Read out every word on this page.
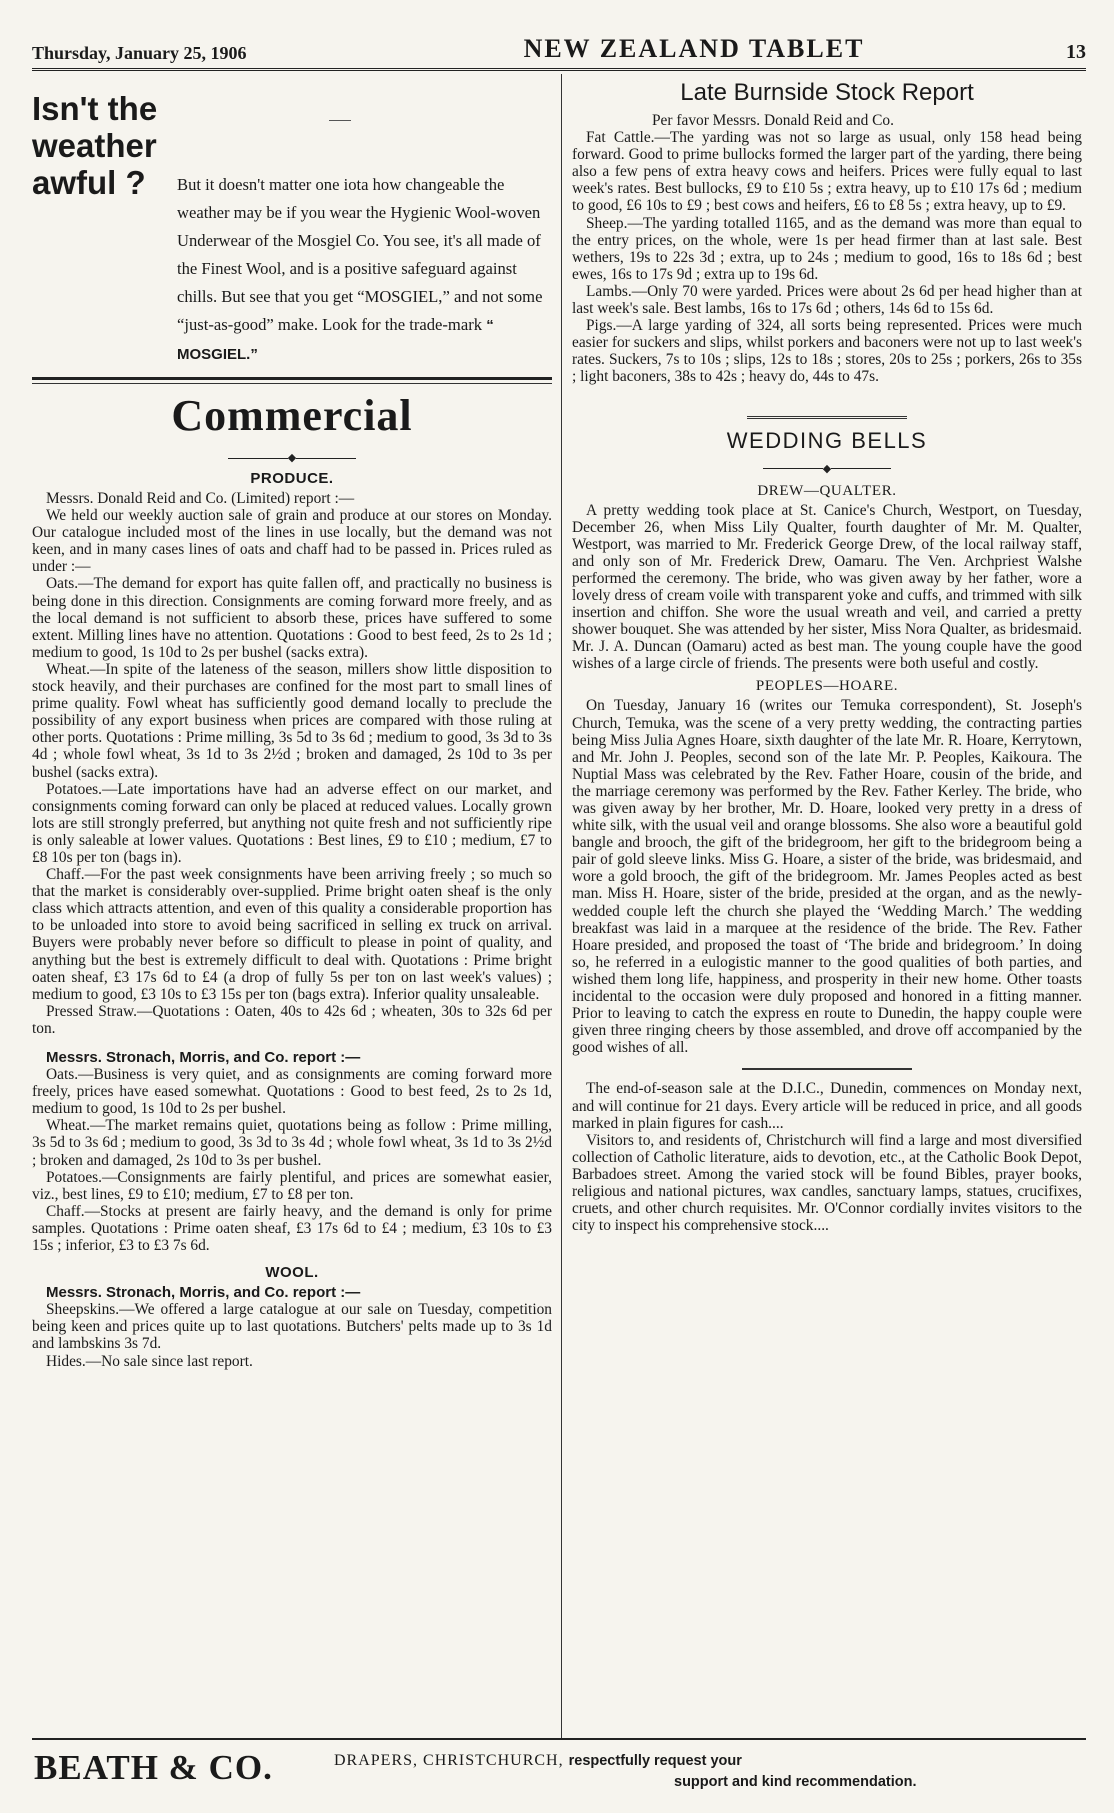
Thursday, January 25, 1906	NEW ZEALAND TABLET	13
Isn't the
weather
awful ?	But it doesn't matter one iota how changeable the weather may be if you wear the Hygienic Wool-woven Underwear of the Mosgiel Co. You see, it's all made of the Finest Wool, and is a positive safeguard against chills. But see that you get “MOSGIEL,” and not some “just-as-good” make. Look for the trade-mark “ MOSGIEL.”

Commercial
◆
PRODUCE.

Messrs. Donald Reid and Co. (Limited) report :—

We held our weekly auction sale of grain and produce at our stores on Monday. Our catalogue included most of the lines in use locally, but the demand was not keen, and in many cases lines of oats and chaff had to be passed in. Prices ruled as under :—

Oats.—The demand for export has quite fallen off, and practically no business is being done in this direction. Consignments are coming forward more freely, and as the local demand is not sufficient to absorb these, prices have suffered to some extent. Milling lines have no attention. Quotations : Good to best feed, 2s to 2s 1d ; medium to good, 1s 10d to 2s per bushel (sacks extra).

Wheat.—In spite of the lateness of the season, millers show little disposition to stock heavily, and their purchases are confined for the most part to small lines of prime quality. Fowl wheat has sufficiently good demand locally to preclude the possibility of any export business when prices are compared with those ruling at other ports. Quotations : Prime milling, 3s 5d to 3s 6d ; medium to good, 3s 3d to 3s 4d ; whole fowl wheat, 3s 1d to 3s 2½d ; broken and damaged, 2s 10d to 3s per bushel (sacks extra).

Potatoes.—Late importations have had an adverse effect on our market, and consignments coming forward can only be placed at reduced values. Locally grown lots are still strongly preferred, but anything not quite fresh and not sufficiently ripe is only saleable at lower values. Quotations : Best lines, £9 to £10 ; medium, £7 to £8 10s per ton (bags in).

Chaff.—For the past week consignments have been arriving freely ; so much so that the market is considerably over-supplied. Prime bright oaten sheaf is the only class which attracts attention, and even of this quality a considerable proportion has to be unloaded into store to avoid being sacrificed in selling ex truck on arrival. Buyers were probably never before so difficult to please in point of quality, and anything but the best is extremely difficult to deal with. Quotations : Prime bright oaten sheaf, £3 17s 6d to £4 (a drop of fully 5s per ton on last week's values) ; medium to good, £3 10s to £3 15s per ton (bags extra). Inferior quality unsaleable.

Pressed Straw.—Quotations : Oaten, 40s to 42s 6d ; wheaten, 30s to 32s 6d per ton.

Messrs. Stronach, Morris, and Co. report :—

Oats.—Business is very quiet, and as consignments are coming forward more freely, prices have eased somewhat. Quotations : Good to best feed, 2s to 2s 1d, medium to good, 1s 10d to 2s per bushel.

Wheat.—The market remains quiet, quotations being as follow : Prime milling, 3s 5d to 3s 6d ; medium to good, 3s 3d to 3s 4d ; whole fowl wheat, 3s 1d to 3s 2½d ; broken and damaged, 2s 10d to 3s per bushel.

Potatoes.—Consignments are fairly plentiful, and prices are somewhat easier, viz., best lines, £9 to £10; medium, £7 to £8 per ton.

Chaff.—Stocks at present are fairly heavy, and the demand is only for prime samples. Quotations : Prime oaten sheaf, £3 17s 6d to £4 ; medium, £3 10s to £3 15s ; inferior, £3 to £3 7s 6d.

WOOL.

Messrs. Stronach, Morris, and Co. report :—

Sheepskins.—We offered a large catalogue at our sale on Tuesday, competition being keen and prices quite up to last quotations. Butchers' pelts made up to 3s 1d and lambskins 3s 7d.

Hides.—No sale since last report.

Late Burnside Stock Report

Per favor Messrs. Donald Reid and Co.

Fat Cattle.—The yarding was not so large as usual, only 158 head being forward. Good to prime bullocks formed the larger part of the yarding, there being also a few pens of extra heavy cows and heifers. Prices were fully equal to last week's rates. Best bullocks, £9 to £10 5s ; extra heavy, up to £10 17s 6d ; medium to good, £6 10s to £9 ; best cows and heifers, £6 to £8 5s ; extra heavy, up to £9.

Sheep.—The yarding totalled 1165, and as the demand was more than equal to the entry prices, on the whole, were 1s per head firmer than at last sale. Best wethers, 19s to 22s 3d ; extra, up to 24s ; medium to good, 16s to 18s 6d ; best ewes, 16s to 17s 9d ; extra up to 19s 6d.

Lambs.—Only 70 were yarded. Prices were about 2s 6d per head higher than at last week's sale. Best lambs, 16s to 17s 6d ; others, 14s 6d to 15s 6d.

Pigs.—A large yarding of 324, all sorts being represented. Prices were much easier for suckers and slips, whilst porkers and baconers were not up to last week's rates. Suckers, 7s to 10s ; slips, 12s to 18s ; stores, 20s to 25s ; porkers, 26s to 35s ; light baconers, 38s to 42s ; heavy do, 44s to 47s.

WEDDING BELLS
◆
DREW—QUALTER.

A pretty wedding took place at St. Canice's Church, Westport, on Tuesday, December 26, when Miss Lily Qualter, fourth daughter of Mr. M. Qualter, Westport, was married to Mr. Frederick George Drew, of the local railway staff, and only son of Mr. Frederick Drew, Oamaru. The Ven. Archpriest Walshe performed the ceremony. The bride, who was given away by her father, wore a lovely dress of cream voile with transparent yoke and cuffs, and trimmed with silk insertion and chiffon. She wore the usual wreath and veil, and carried a pretty shower bouquet. She was attended by her sister, Miss Nora Qualter, as bridesmaid. Mr. J. A. Duncan (Oamaru) acted as best man. The young couple have the good wishes of a large circle of friends. The presents were both useful and costly.

PEOPLES—HOARE.

On Tuesday, January 16 (writes our Temuka correspondent), St. Joseph's Church, Temuka, was the scene of a very pretty wedding, the contracting parties being Miss Julia Agnes Hoare, sixth daughter of the late Mr. R. Hoare, Kerrytown, and Mr. John J. Peoples, second son of the late Mr. P. Peoples, Kaikoura. The Nuptial Mass was celebrated by the Rev. Father Hoare, cousin of the bride, and the marriage ceremony was performed by the Rev. Father Kerley. The bride, who was given away by her brother, Mr. D. Hoare, looked very pretty in a dress of white silk, with the usual veil and orange blossoms. She also wore a beautiful gold bangle and brooch, the gift of the bridegroom, her gift to the bridegroom being a pair of gold sleeve links. Miss G. Hoare, a sister of the bride, was bridesmaid, and wore a gold brooch, the gift of the bridegroom. Mr. James Peoples acted as best man. Miss H. Hoare, sister of the bride, presided at the organ, and as the newly-wedded couple left the church she played the ‘Wedding March.’ The wedding breakfast was laid in a marquee at the residence of the bride. The Rev. Father Hoare presided, and proposed the toast of ‘The bride and bridegroom.’ In doing so, he referred in a eulogistic manner to the good qualities of both parties, and wished them long life, happiness, and prosperity in their new home. Other toasts incidental to the occasion were duly proposed and honored in a fitting manner. Prior to leaving to catch the express en route to Dunedin, the happy couple were given three ringing cheers by those assembled, and drove off accompanied by the good wishes of all.

The end-of-season sale at the D.I.C., Dunedin, commences on Monday next, and will continue for 21 days. Every article will be reduced in price, and all goods marked in plain figures for cash....

Visitors to, and residents of, Christchurch will find a large and most diversified collection of Catholic literature, aids to devotion, etc., at the Catholic Book Depot, Barbadoes street. Among the varied stock will be found Bibles, prayer books, religious and national pictures, wax candles, sanctuary lamps, statues, crucifixes, cruets, and other church requisites. Mr. O'Connor cordially invites visitors to the city to inspect his comprehensive stock....

BEATH & CO.	DRAPERS, CHRISTCHURCH, respectfully request your
support and kind recommendation.
